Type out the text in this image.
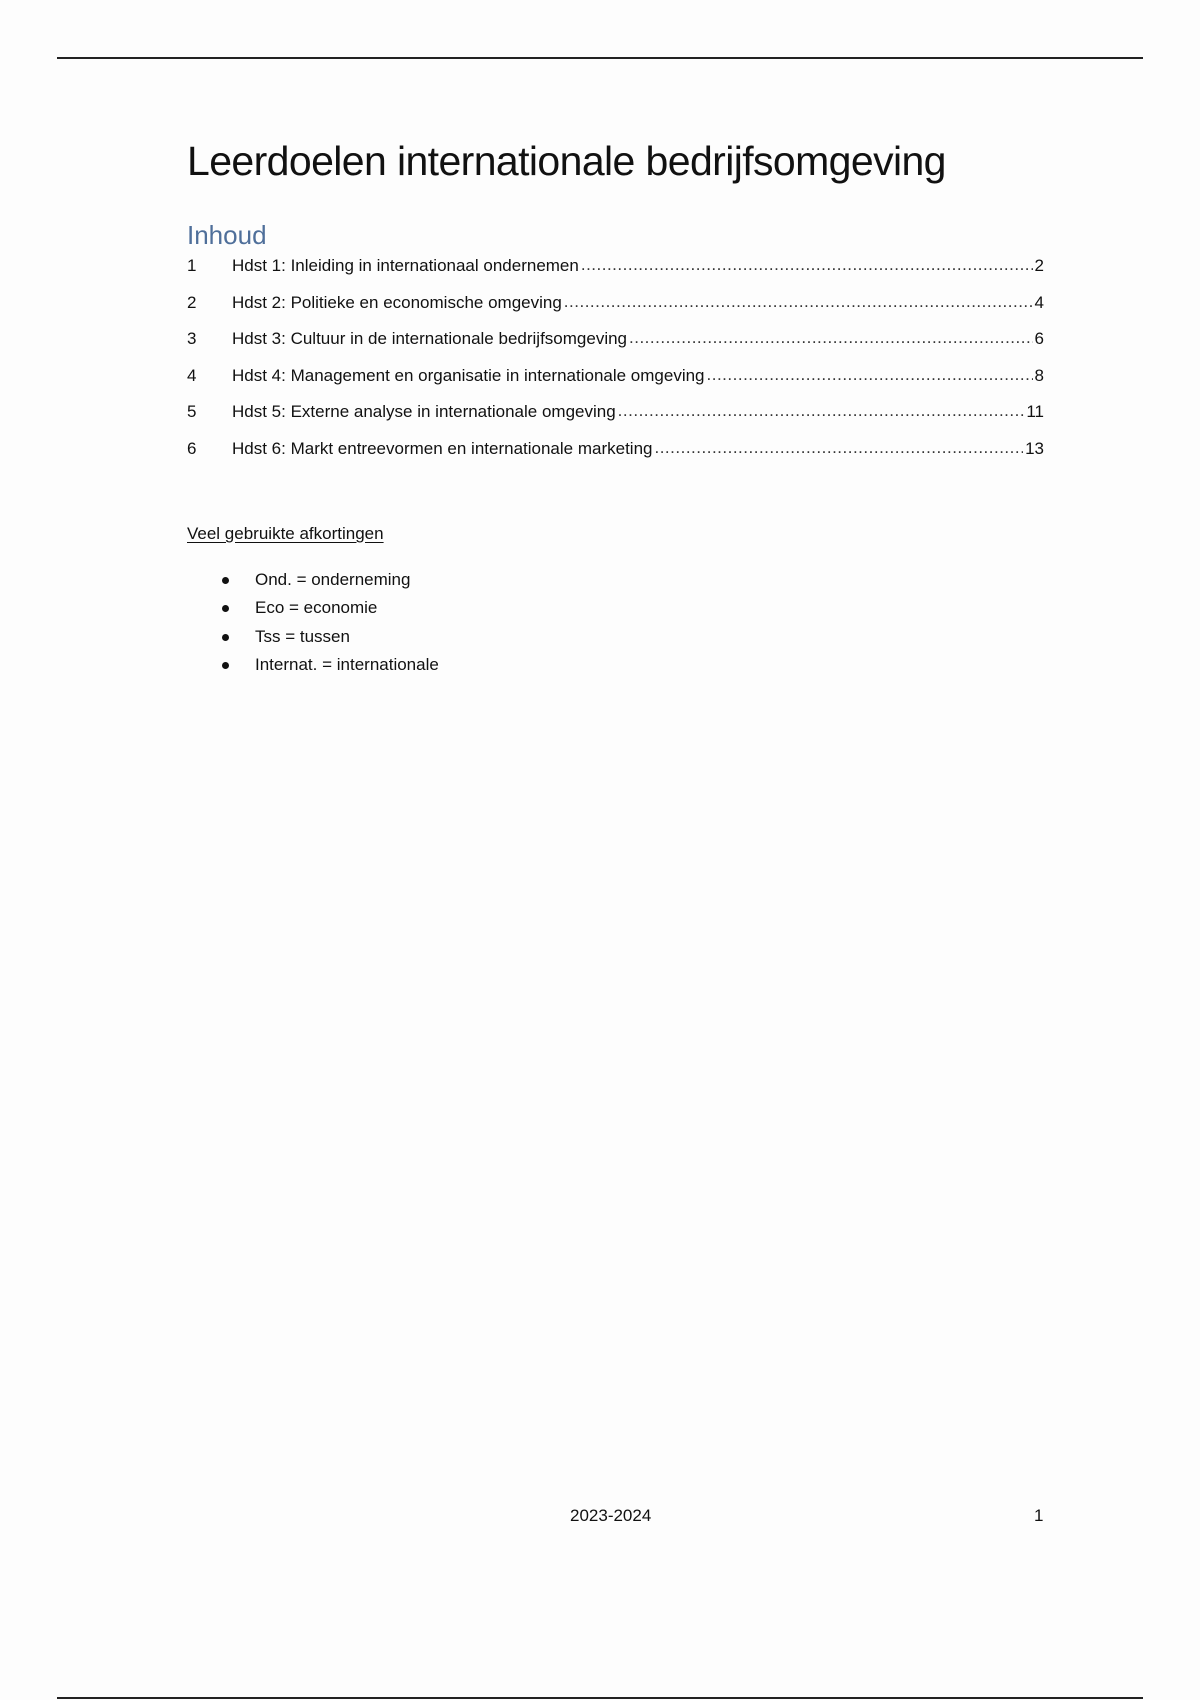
Leerdoelen internationale bedrijfsomgeving
Inhoud
1	Hdst 1: Inleiding in internationaal ondernemen .....	2
2	Hdst 2: Politieke en economische omgeving .....	4
3	Hdst 3: Cultuur in de internationale bedrijfsomgeving .....	6
4	Hdst 4: Management en organisatie in internationale omgeving .....	8
5	Hdst 5: Externe analyse in internationale omgeving .....	11
6	Hdst 6: Markt entreevormen en internationale marketing .....	13
Veel gebruikte afkortingen
Ond. = onderneming
Eco = economie
Tss = tussen
Internat. = internationale
2023-2024	1
